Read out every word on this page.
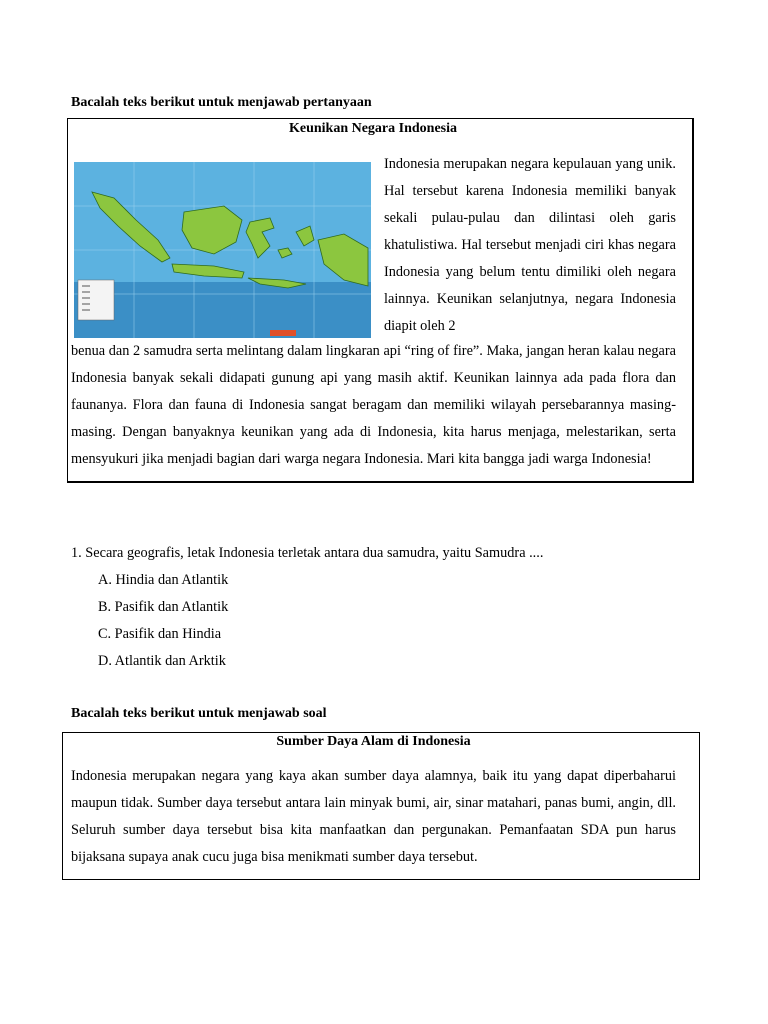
Bacalah teks berikut untuk menjawab pertanyaan
Keunikan Negara Indonesia
Indonesia merupakan negara kepulauan yang unik. Hal tersebut karena Indonesia memiliki banyak sekali pulau-pulau dan dilintasi oleh garis khatulistiwa. Hal tersebut menjadi ciri khas negara Indonesia yang belum tentu dimiliki oleh negara lainnya. Keunikan selanjutnya, negara Indonesia diapit oleh 2
benua dan 2 samudra serta melintang dalam lingkaran api “ring of fire”. Maka, jangan heran kalau negara Indonesia banyak sekali didapati gunung api yang masih aktif. Keunikan lainnya ada pada flora dan faunanya. Flora dan fauna di Indonesia sangat beragam dan memiliki wilayah persebarannya masing-masing. Dengan banyaknya keunikan yang ada di Indonesia, kita harus menjaga, melestarikan, serta mensyukuri jika menjadi bagian dari warga negara Indonesia. Mari kita bangga jadi warga Indonesia!
1. Secara geografis, letak Indonesia terletak antara dua samudra, yaitu Samudra ....
A. Hindia dan Atlantik
B. Pasifik dan Atlantik
C. Pasifik dan Hindia
D. Atlantik dan Arktik
Bacalah teks berikut untuk menjawab soal
Sumber Daya Alam di Indonesia
Indonesia merupakan negara yang kaya akan sumber daya alamnya, baik itu yang dapat diperbaharui maupun tidak. Sumber daya tersebut antara lain minyak bumi, air, sinar matahari, panas bumi, angin, dll. Seluruh sumber daya tersebut bisa kita manfaatkan dan pergunakan. Pemanfaatan SDA pun harus bijaksana supaya anak cucu juga bisa menikmati sumber daya tersebut.
